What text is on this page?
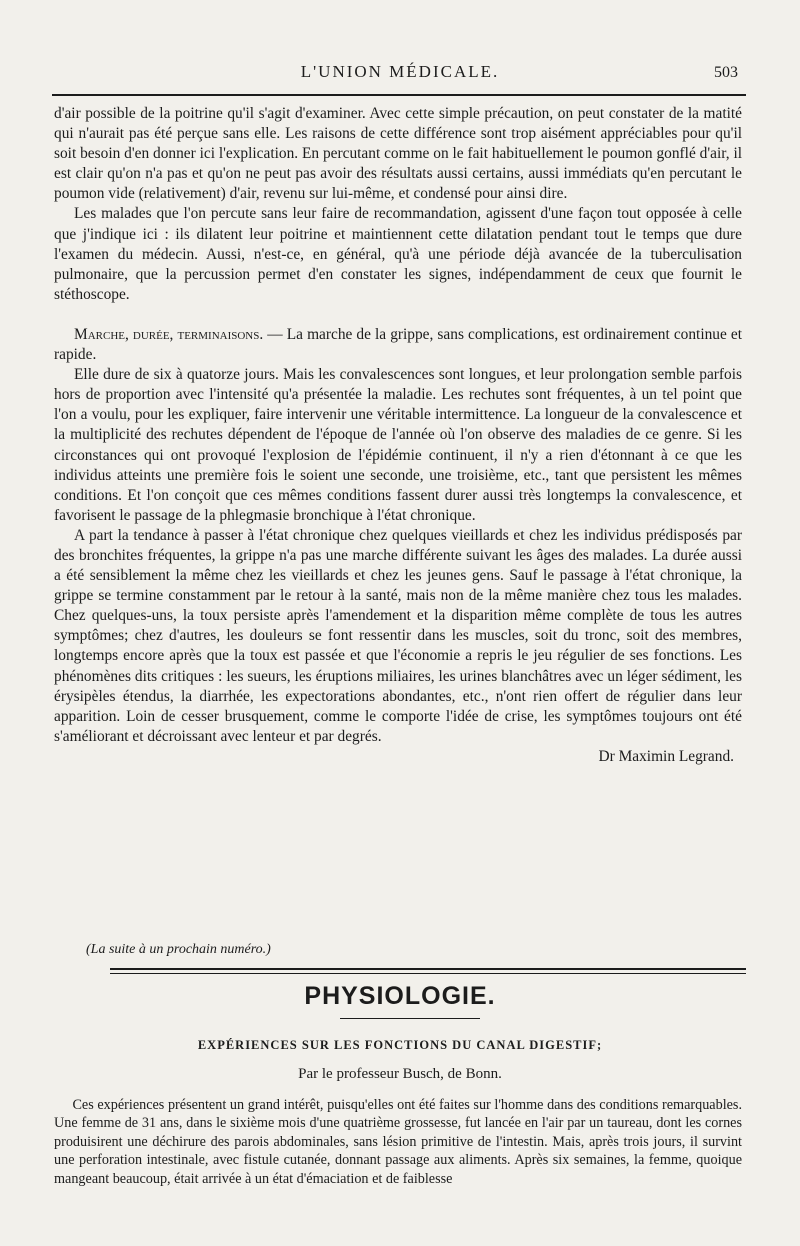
L'UNION MÉDICALE.	503

d'air possible de la poitrine qu'il s'agit d'examiner. Avec cette simple précaution, on peut constater de la matité qui n'aurait pas été perçue sans elle. Les raisons de cette différence sont trop aisément appréciables pour qu'il soit besoin d'en donner ici l'explication. En percutant comme on le fait habituellement le poumon gonflé d'air, il est clair qu'on n'a pas et qu'on ne peut pas avoir des résultats aussi certains, aussi immédiats qu'en percutant le poumon vide (relativement) d'air, revenu sur lui-même, et condensé pour ainsi dire.

Les malades que l'on percute sans leur faire de recommandation, agissent d'une façon tout opposée à celle que j'indique ici : ils dilatent leur poitrine et maintiennent cette dilatation pendant tout le temps que dure l'examen du médecin. Aussi, n'est-ce, en général, qu'à une période déjà avancée de la tuberculisation pulmonaire, que la percussion permet d'en constater les signes, indépendamment de ceux que fournit le stéthoscope.

Marche, durée, terminaisons. — La marche de la grippe, sans complications, est ordinairement continue et rapide.

Elle dure de six à quatorze jours. Mais les convalescences sont longues, et leur prolongation semble parfois hors de proportion avec l'intensité qu'a présentée la maladie. Les rechutes sont fréquentes, à un tel point que l'on a voulu, pour les expliquer, faire intervenir une véritable intermittence. La longueur de la convalescence et la multiplicité des rechutes dépendent de l'époque de l'année où l'on observe des maladies de ce genre. Si les circonstances qui ont provoqué l'explosion de l'épidémie continuent, il n'y a rien d'étonnant à ce que les individus atteints une première fois le soient une seconde, une troisième, etc., tant que persistent les mêmes conditions. Et l'on conçoit que ces mêmes conditions fassent durer aussi très longtemps la convalescence, et favorisent le passage de la phlegmasie bronchique à l'état chronique.

A part la tendance à passer à l'état chronique chez quelques vieillards et chez les individus prédisposés par des bronchites fréquentes, la grippe n'a pas une marche différente suivant les âges des malades. La durée aussi a été sensiblement la même chez les vieillards et chez les jeunes gens. Sauf le passage à l'état chronique, la grippe se termine constamment par le retour à la santé, mais non de la même manière chez tous les malades. Chez quelques-uns, la toux persiste après l'amendement et la disparition même complète de tous les autres symptômes; chez d'autres, les douleurs se font ressentir dans les muscles, soit du tronc, soit des membres, longtemps encore après que la toux est passée et que l'économie a repris le jeu régulier de ses fonctions. Les phénomènes dits critiques : les sueurs, les éruptions miliaires, les urines blanchâtres avec un léger sédiment, les érysipèles étendus, la diarrhée, les expectorations abondantes, etc., n'ont rien offert de régulier dans leur apparition. Loin de cesser brusquement, comme le comporte l'idée de crise, les symptômes toujours ont été s'améliorant et décroissant avec lenteur et par degrés.

Dr Maximin Legrand.

(La suite à un prochain numéro.)
PHYSIOLOGIE.
EXPÉRIENCES SUR LES FONCTIONS DU CANAL DIGESTIF;
Par le professeur Busch, de Bonn.

Ces expériences présentent un grand intérêt, puisqu'elles ont été faites sur l'homme dans des conditions remarquables. Une femme de 31 ans, dans le sixième mois d'une quatrième grossesse, fut lancée en l'air par un taureau, dont les cornes produisirent une déchirure des parois abdominales, sans lésion primitive de l'intestin. Mais, après trois jours, il survint une perforation intestinale, avec fistule cutanée, donnant passage aux aliments. Après six semaines, la femme, quoique mangeant beaucoup, était arrivée à un état d'émaciation et de faiblesse
